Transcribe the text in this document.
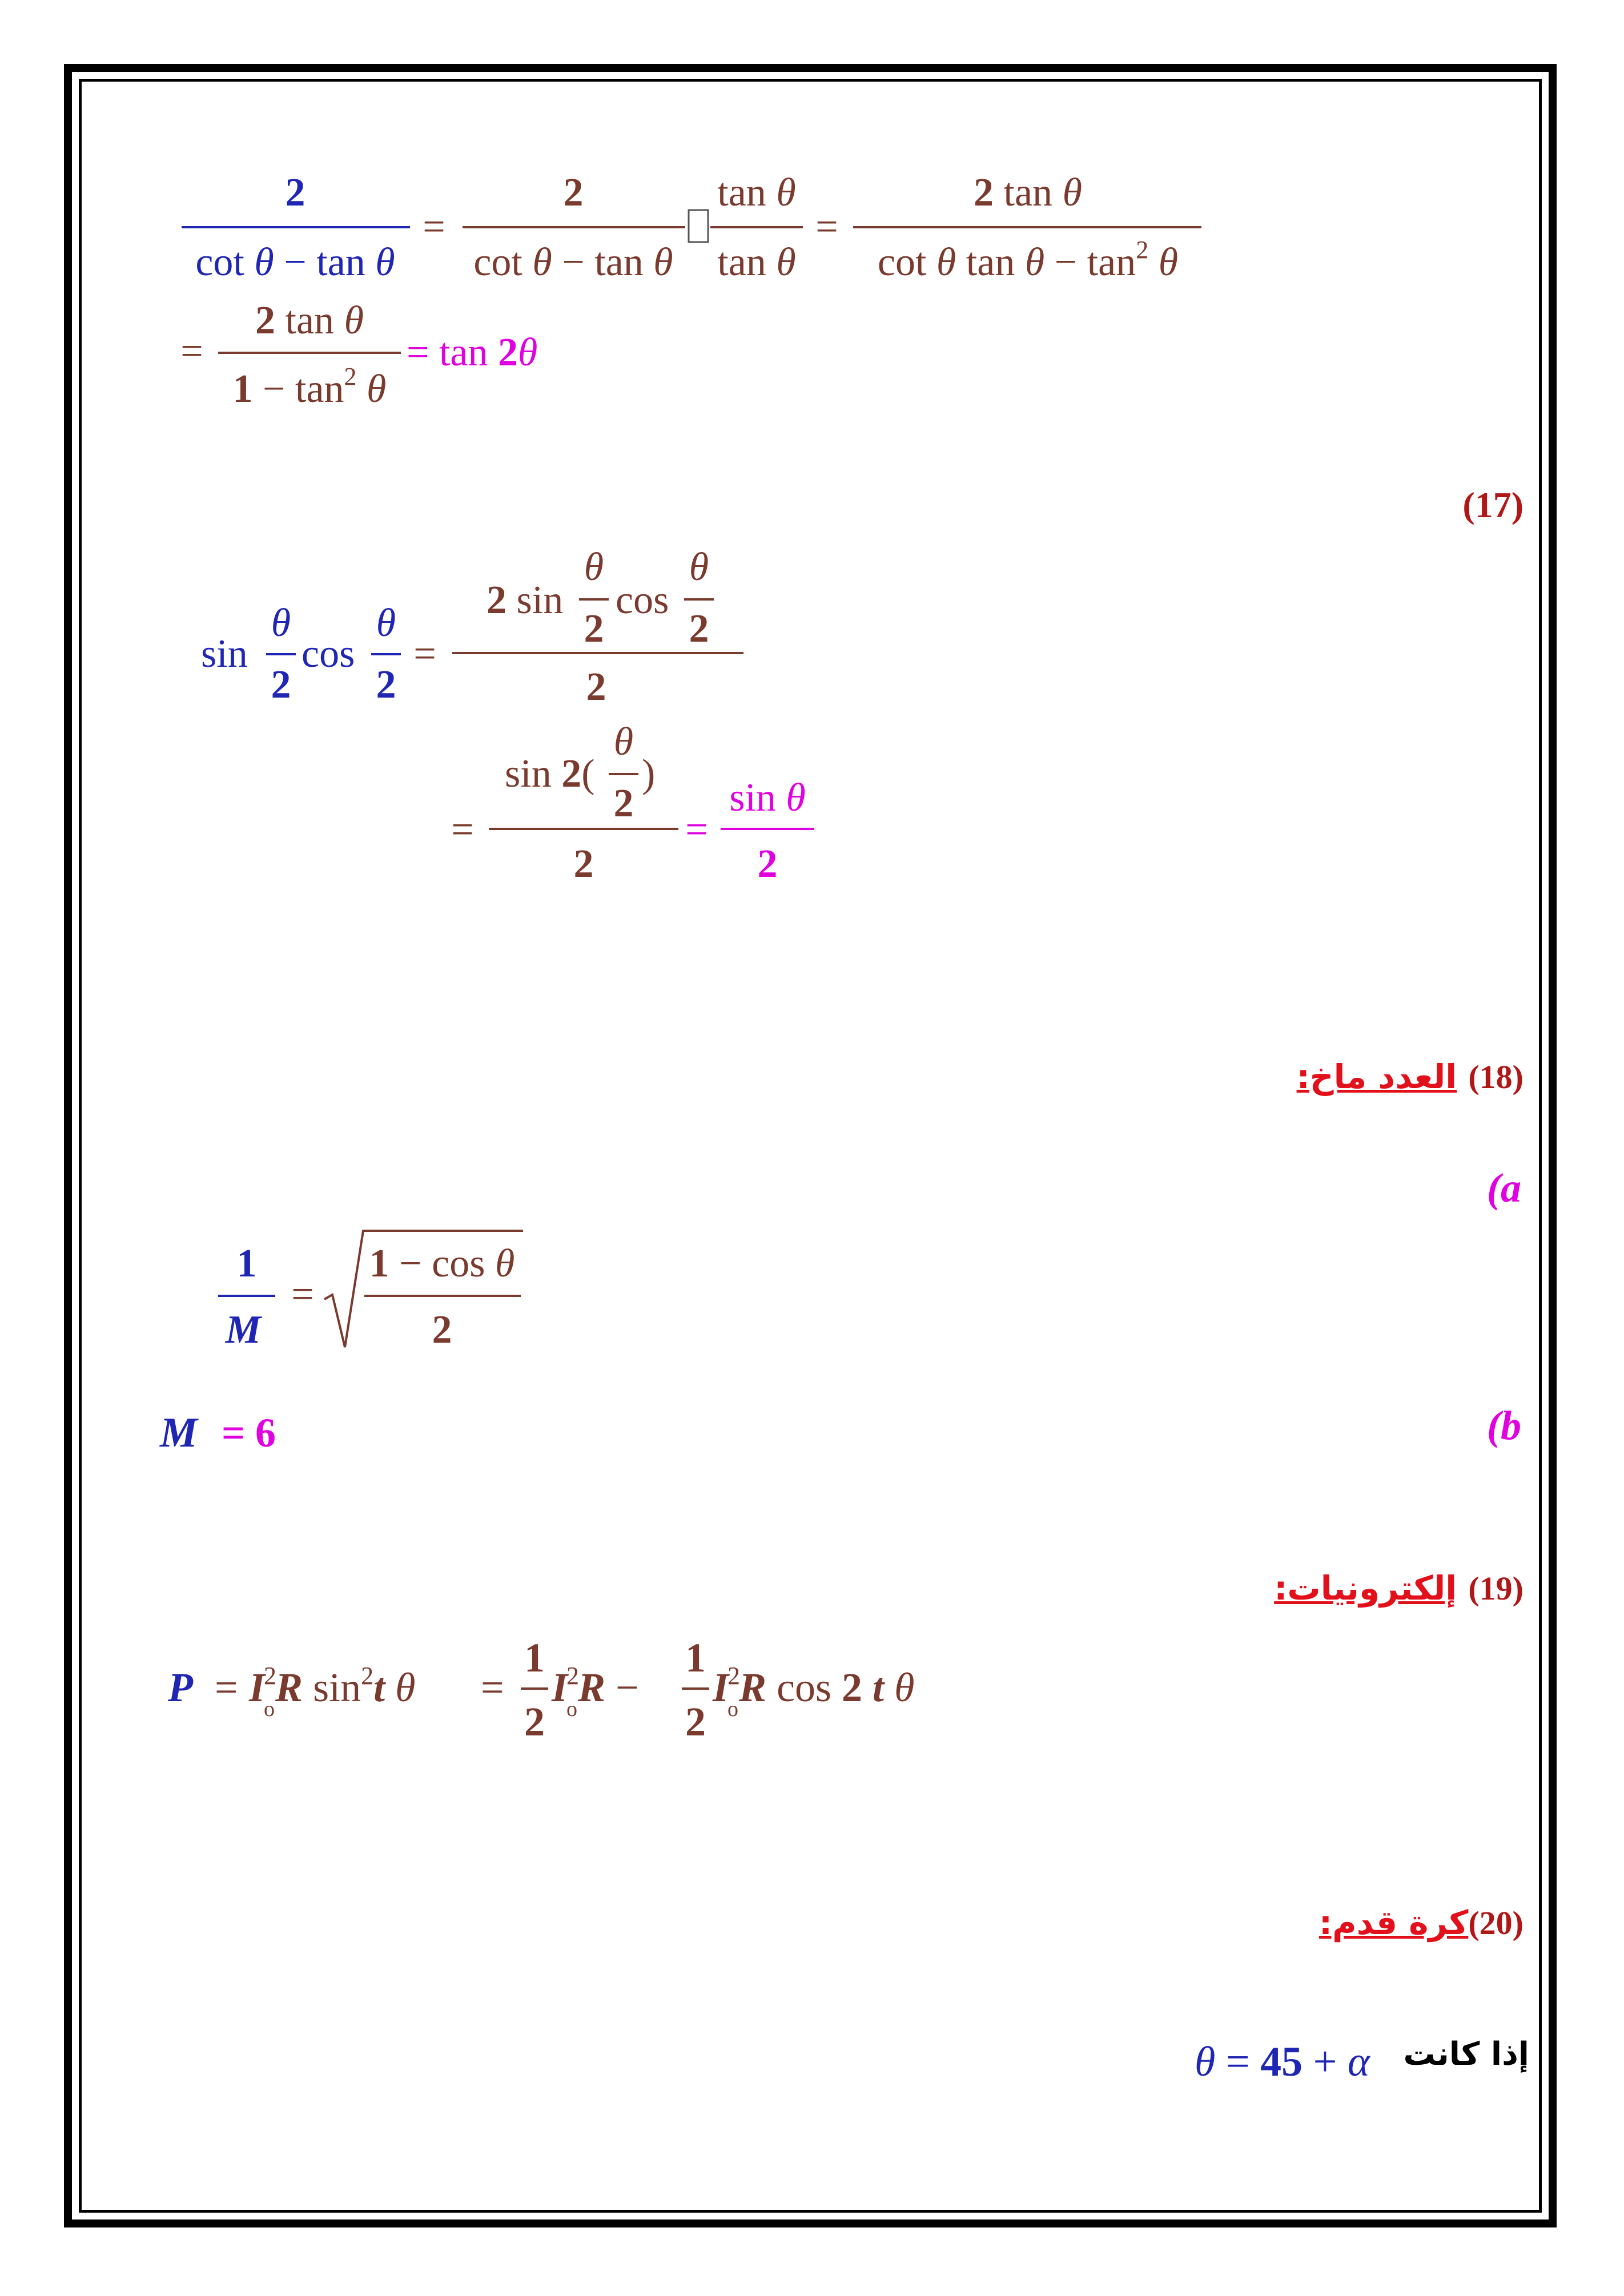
2
cot θ − tan θ
=
2
cot θ − tan θ
tan θ
tan θ
=
2 tan θ
cot θ $\tan \theta - \tan^2 \theta$
=
2 tan θ
$1 - \tan^2 \theta$
= tan 2θ
sin
θ
2
cos
θ
2
=
2 sin
θ
2
cos
θ
2
2
=
sin 2(
θ
2
)
2
=
sin θ
2
1
M
=
1 − cos θ
2
M = 6
P = I2R $\sin^2t$ θ
o	=
1
2
I2R −
o
1
2
I2R cos 2 t θ
o
θ = 45 + α
(17)
(18) العدد ماخ:
(a
(b
(19) إلكترونيات:
(20)كرة قدم:
إذا كانت
